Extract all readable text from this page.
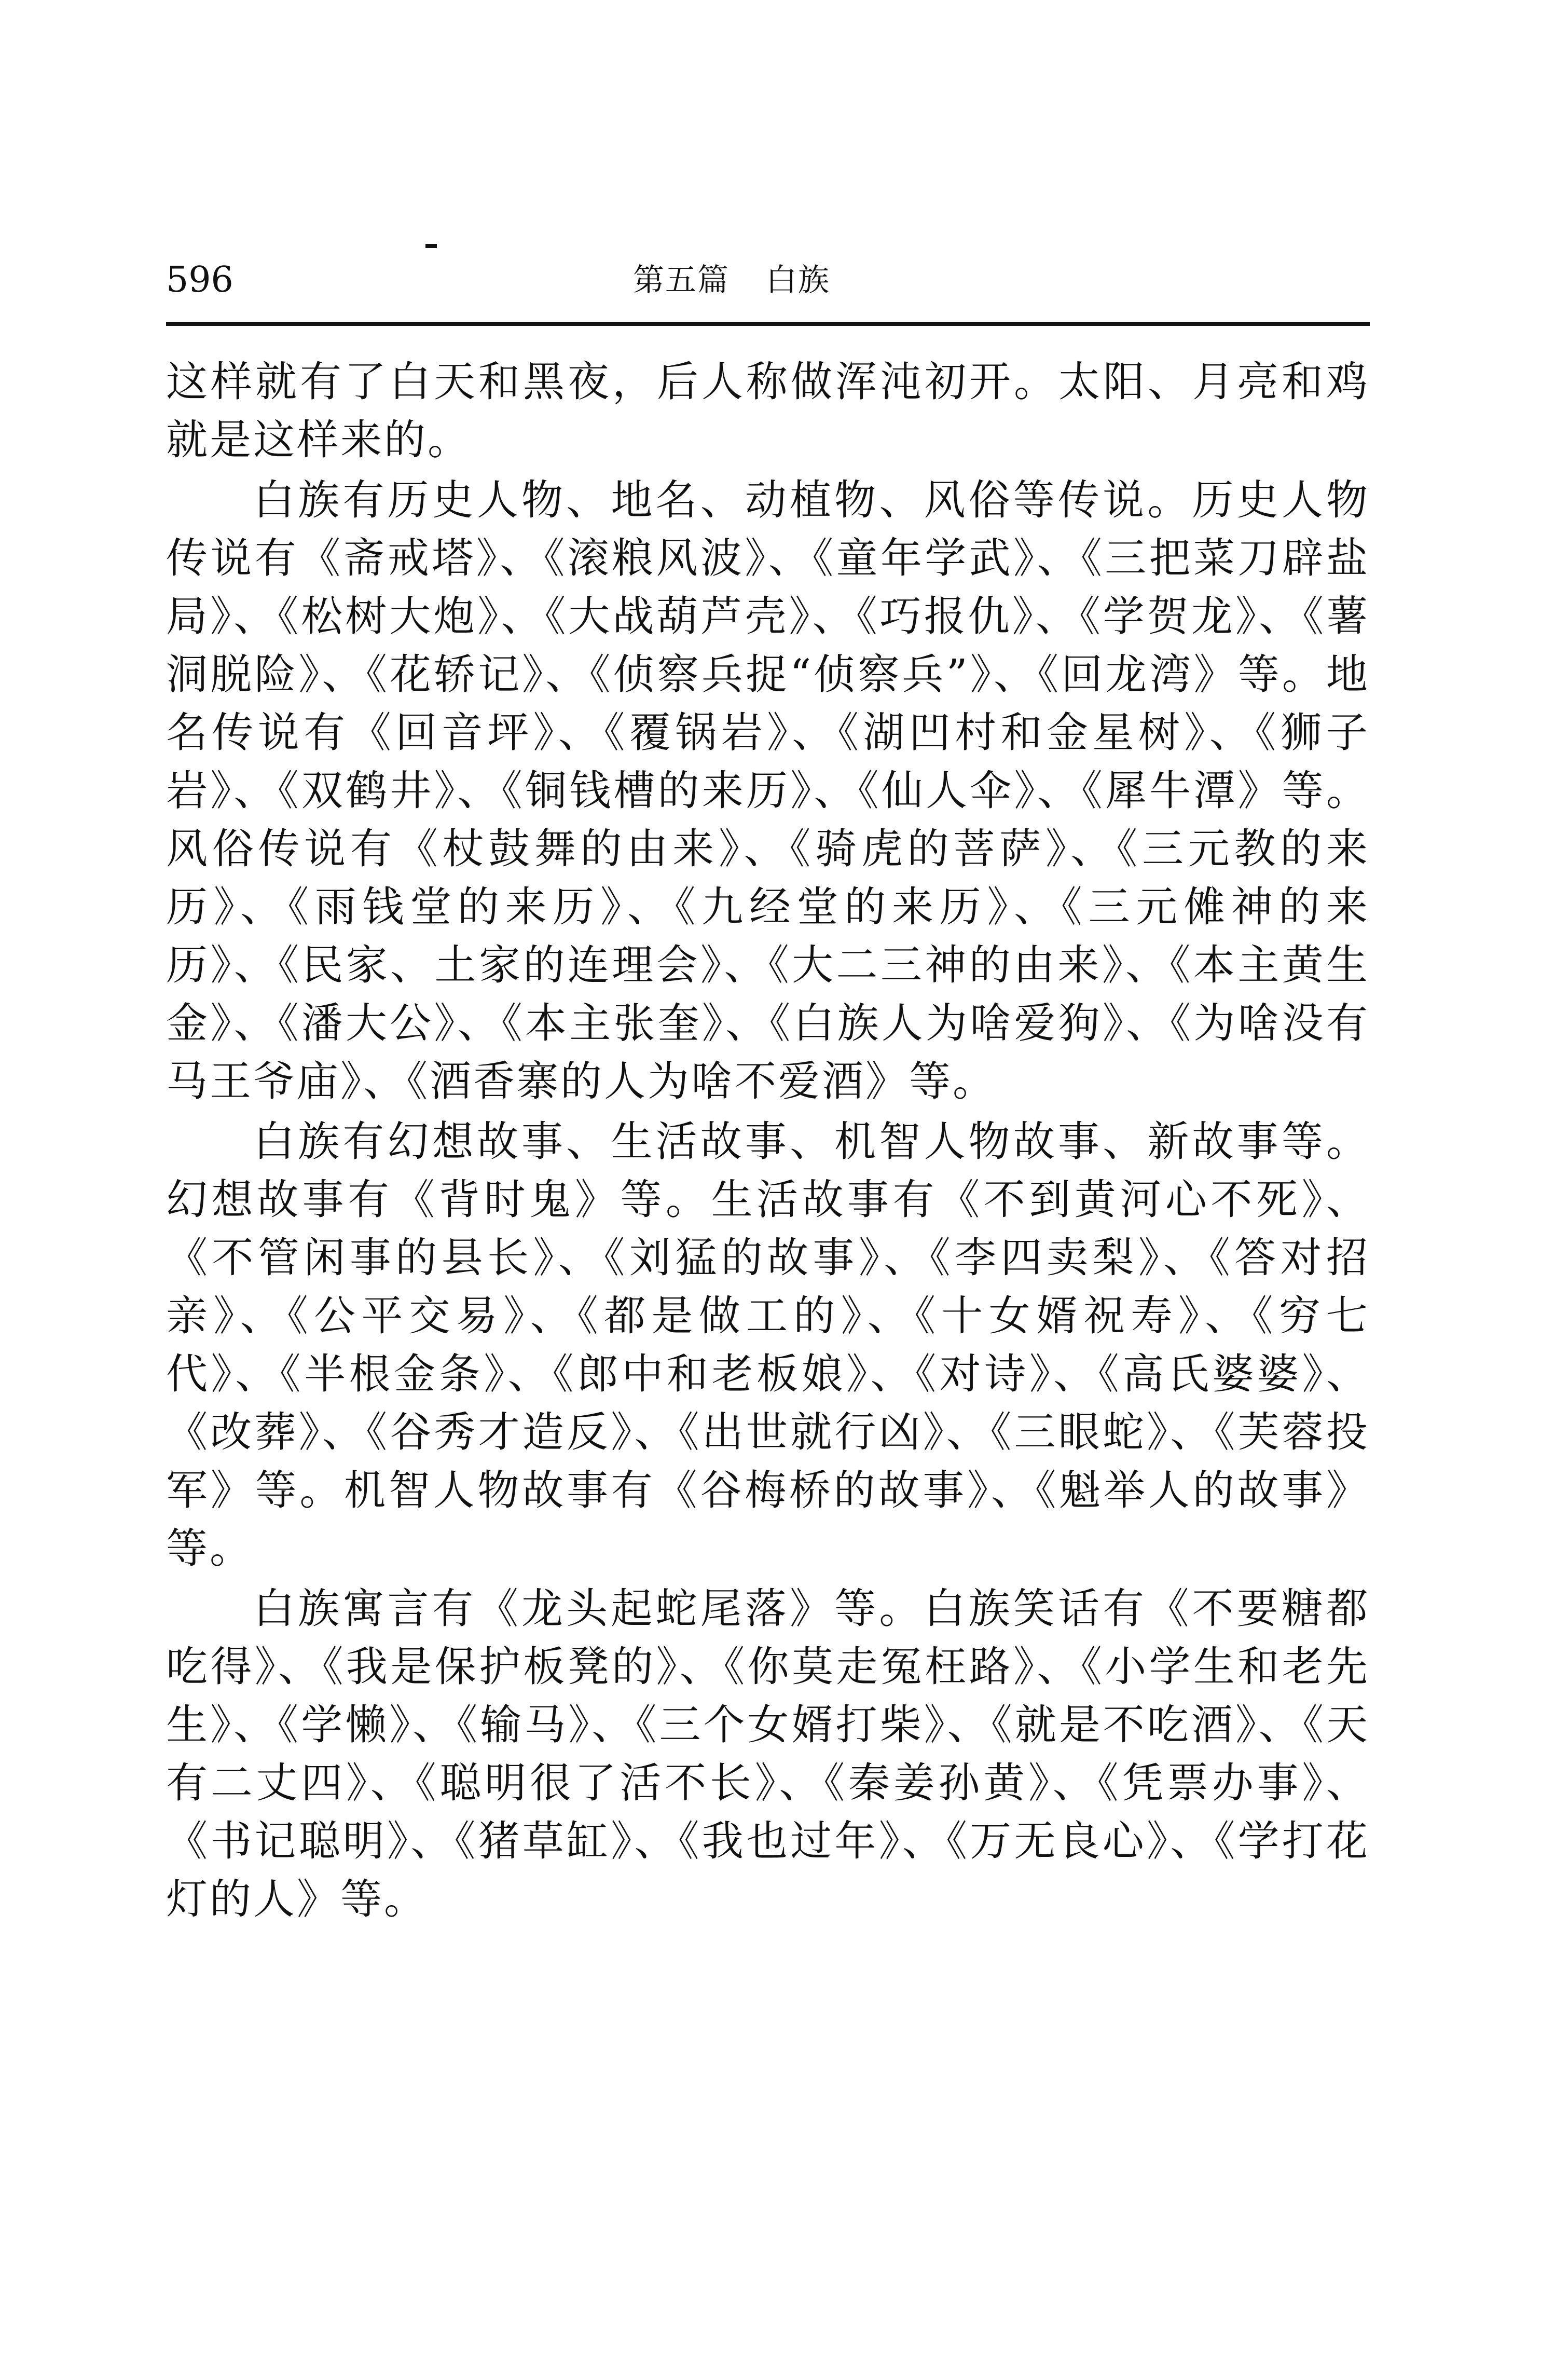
596	第五篇 白族

这样就有了白天和黑夜，后人称做浑沌初开。太阳、月亮和鸡就是这样来的。

白族有历史人物、地名、动植物、风俗等传说。历史人物传说有《斋戒塔》、《滚粮风波》、《童年学武》、《三把菜刀辟盐局》、《松树大炮》、《大战葫芦壳》、《巧报仇》、《学贺龙》、《薯洞脱险》、《花轿记》、《侦察兵捉“侦察兵”》、《回龙湾》等。地名传说有《回音坪》、《覆锅岩》、《湖凹村和金星树》、《狮子岩》、《双鹤井》、《铜钱槽的来历》、《仙人伞》、《犀牛潭》等。风俗传说有《杖鼓舞的由来》、《骑虎的菩萨》、《三元教的来历》、《雨钱堂的来历》、《九经堂的来历》、《三元傩神的来历》、《民家、土家的连理会》、《大二三神的由来》、《本主黄生金》、《潘大公》、《本主张奎》、《白族人为啥爱狗》、《为啥没有马王爷庙》、《酒香寨的人为啥不爱酒》等。

白族有幻想故事、生活故事、机智人物故事、新故事等。幻想故事有《背时鬼》等。生活故事有《不到黄河心不死》、《不管闲事的县长》、《刘猛的故事》、《李四卖梨》、《答对招亲》、《公平交易》、《都是做工的》、《十女婿祝寿》、《穷七代》、《半根金条》、《郎中和老板娘》、《对诗》、《高氏婆婆》、《改葬》、《谷秀才造反》、《出世就行凶》、《三眼蛇》、《芙蓉投军》等。机智人物故事有《谷梅桥的故事》、《魁举人的故事》等。

白族寓言有《龙头起蛇尾落》等。白族笑话有《不要糖都吃得》、《我是保护板凳的》、《你莫走冤枉路》、《小学生和老先生》、《学懒》、《输马》、《三个女婿打柴》、《就是不吃酒》、《天有二丈四》、《聪明很了活不长》、《秦姜孙黄》、《凭票办事》、《书记聪明》、《猪草缸》、《我也过年》、《万无良心》、《学打花灯的人》等。
